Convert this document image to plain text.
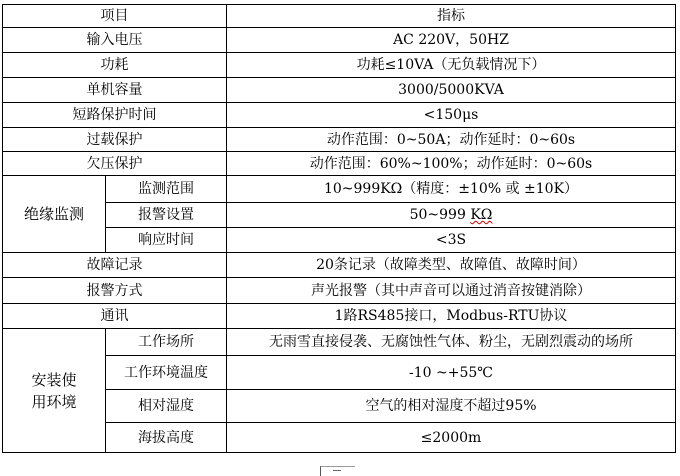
项目		指标
输入电压		AC 220V，50HZ
功耗		功耗≤10VA（无负载情况下）
单机容量		3000/5000KVA
短路保护时间		<150μs
过载保护		动作范围：0~50A；动作延时：0~60s
欠压保护		动作范围：60%~100%；动作延时：0~60s
绝缘监测	监测范围	10~999KΩ（精度：±10% 或 ±10K）
	报警设置	50~999 KΩ
	响应时间	<3S
故障记录		20条记录（故障类型、故障值、故障时间）
报警方式		声光报警（其中声音可以通过消音按键消除）
通讯		1路RS485接口，Modbus-RTU协议
安装使
用环境	工作场所	无雨雪直接侵袭、无腐蚀性气体、粉尘，无剧烈震动的场所
	工作环境温度	-10 ~+55℃
	相对湿度	空气的相对湿度不超过95%
	海拔高度	≤2000m
